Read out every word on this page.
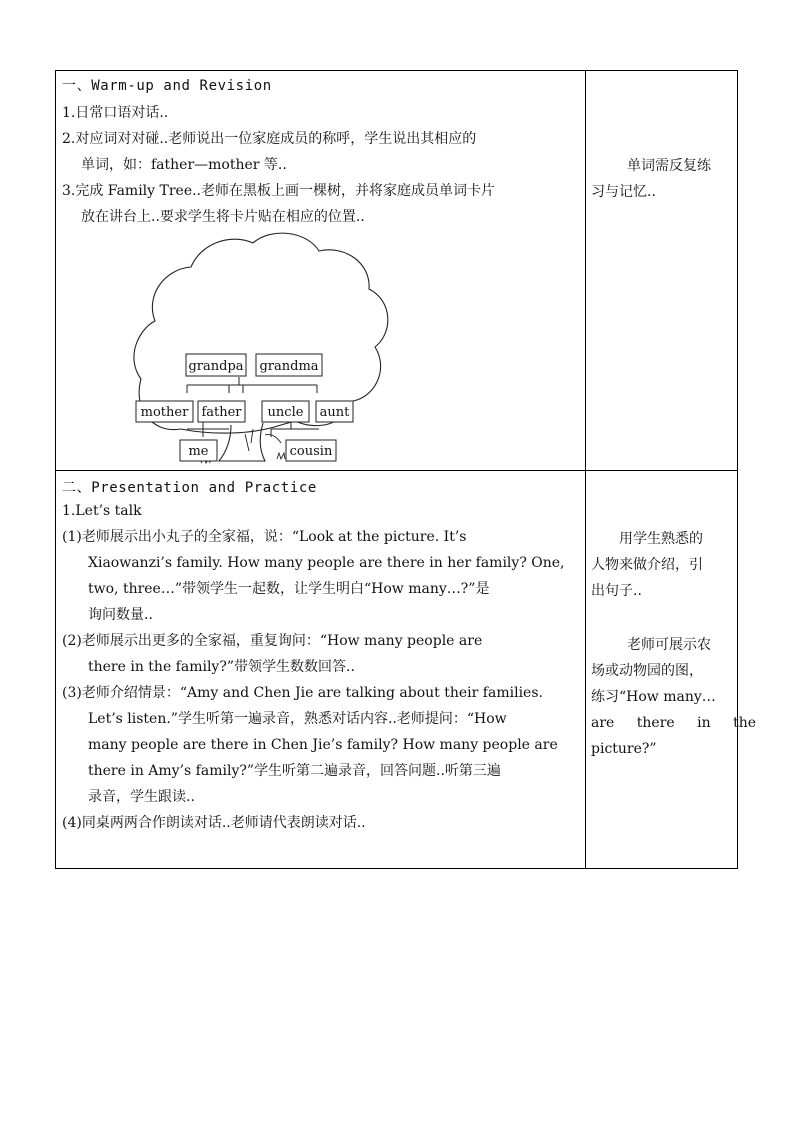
一、Warm-up and Revision
1.日常口语对话..
2.对应词对对碰..老师说出一位家庭成员的称呼，学生说出其相应的
单词，如：father—mother 等..
3.完成 Family Tree..老师在黑板上画一棵树，并将家庭成员单词卡片
放在讲台上..要求学生将卡片贴在相应的位置..
grandpa grandma
mother father uncle aunt
me	cousin
单词需反复练
习与记忆..
二、Presentation and Practice
1.Let’s talk
(1)老师展示出小丸子的全家福，说：“Look at the picture. It’s
Xiaowanzi’s family. How many people are there in her family? One,
two, three…”带领学生一起数，让学生明白“How many…?”是
询问数量..
(2)老师展示出更多的全家福，重复询问：“How many people are
there in the family?”带领学生数数回答..
(3)老师介绍情景：“Amy and Chen Jie are talking about their families.
Let’s listen.”学生听第一遍录音，熟悉对话内容..老师提问：“How
many people are there in Chen Jie’s family? How many people are
there in Amy’s family?”学生听第二遍录音，回答问题..听第三遍
录音，学生跟读..
(4)同桌两两合作朗读对话..老师请代表朗读对话..
用学生熟悉的
人物来做介绍，引
出句子..
老师可展示农
场或动物园的图，
练习“How many…
are there in the
picture?”
